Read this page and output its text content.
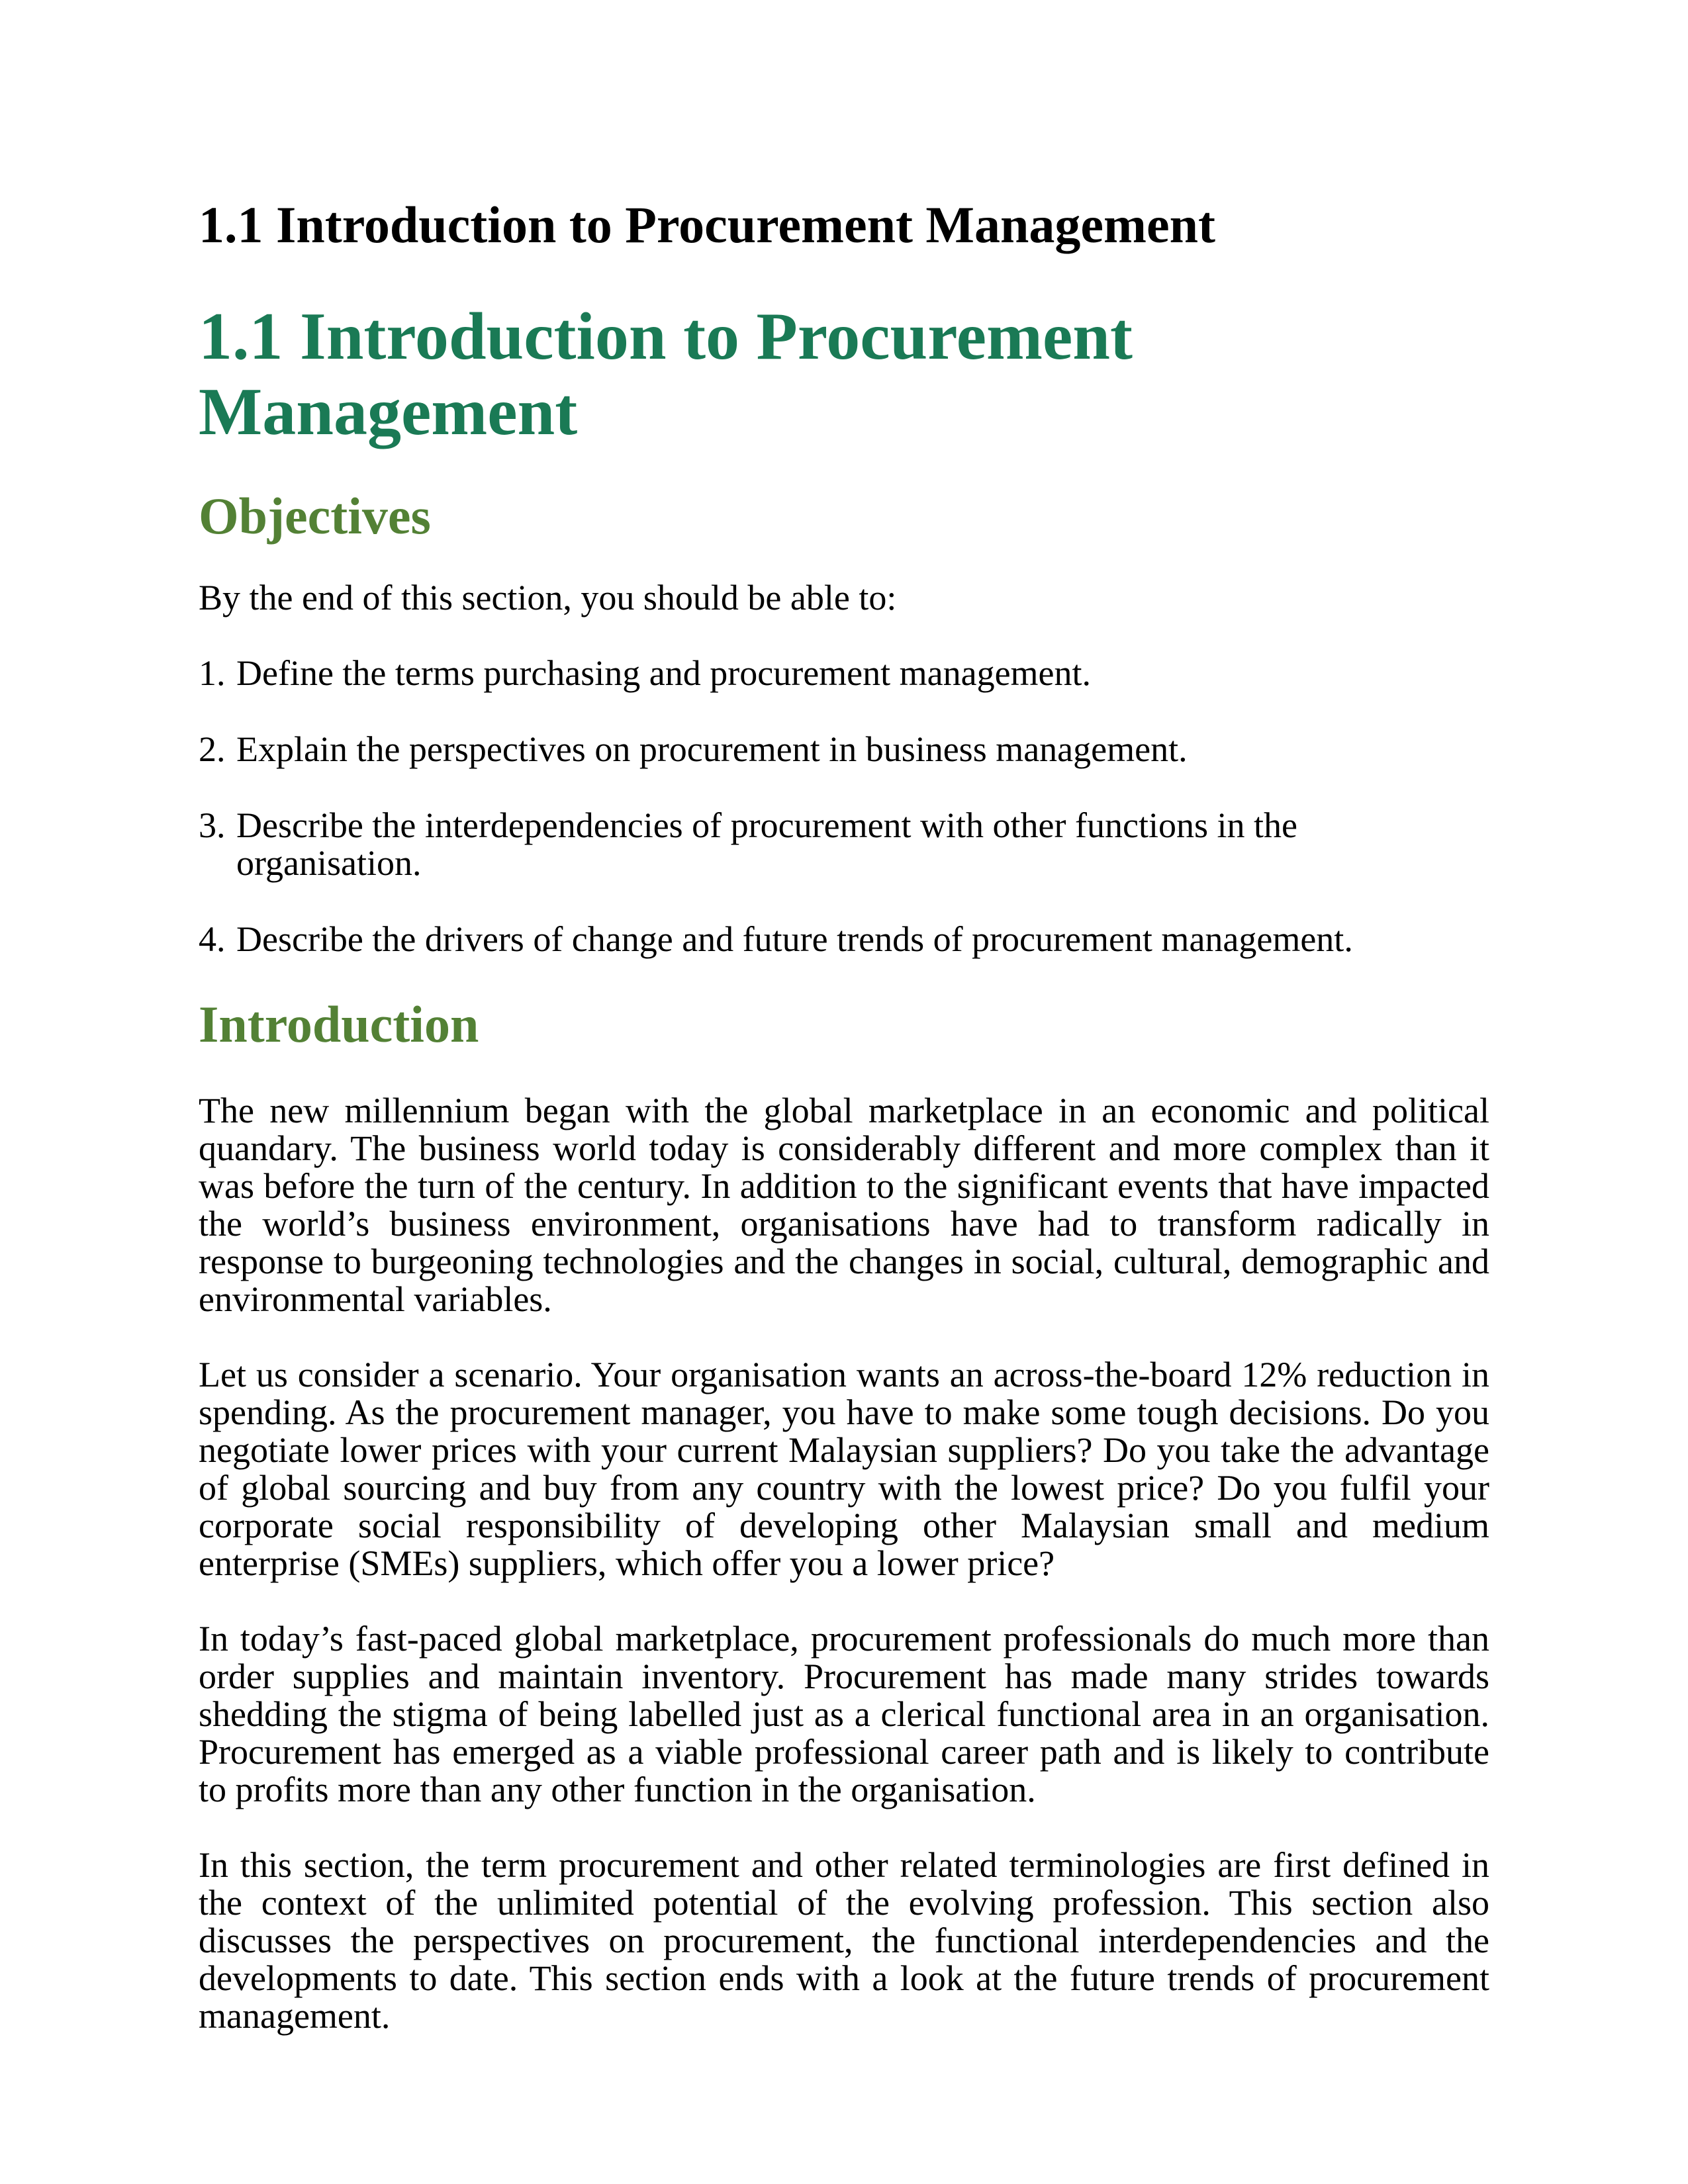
1.1 Introduction to Procurement Management
1.1 Introduction to Procurement Management
Objectives

By the end of this section, you should be able to:

1. Define the terms purchasing and procurement management.
2. Explain the perspectives on procurement in business management.
3. Describe the interdependencies of procurement with other functions in the organisation.
4. Describe the drivers of change and future trends of procurement management.
Introduction

The new millennium began with the global marketplace in an economic and political quandary. The business world today is considerably different and more complex than it was before the turn of the century. In addition to the significant events that have impacted the world’s business environment, organisations have had to transform radically in response to burgeoning technologies and the changes in social, cultural, demographic and environmental variables.

Let us consider a scenario. Your organisation wants an across-the-board 12% reduction in spending. As the procurement manager, you have to make some tough decisions. Do you negotiate lower prices with your current Malaysian suppliers? Do you take the advantage of global sourcing and buy from any country with the lowest price? Do you fulfil your corporate social responsibility of developing other Malaysian small and medium enterprise (SMEs) suppliers, which offer you a lower price?

In today’s fast-paced global marketplace, procurement professionals do much more than order supplies and maintain inventory. Procurement has made many strides towards shedding the stigma of being labelled just as a clerical functional area in an organisation. Procurement has emerged as a viable professional career path and is likely to contribute to profits more than any other function in the organisation.

In this section, the term procurement and other related terminologies are first defined in the context of the unlimited potential of the evolving profession. This section also discusses the perspectives on procurement, the functional interdependencies and the developments to date. This section ends with a look at the future trends of procurement management.
